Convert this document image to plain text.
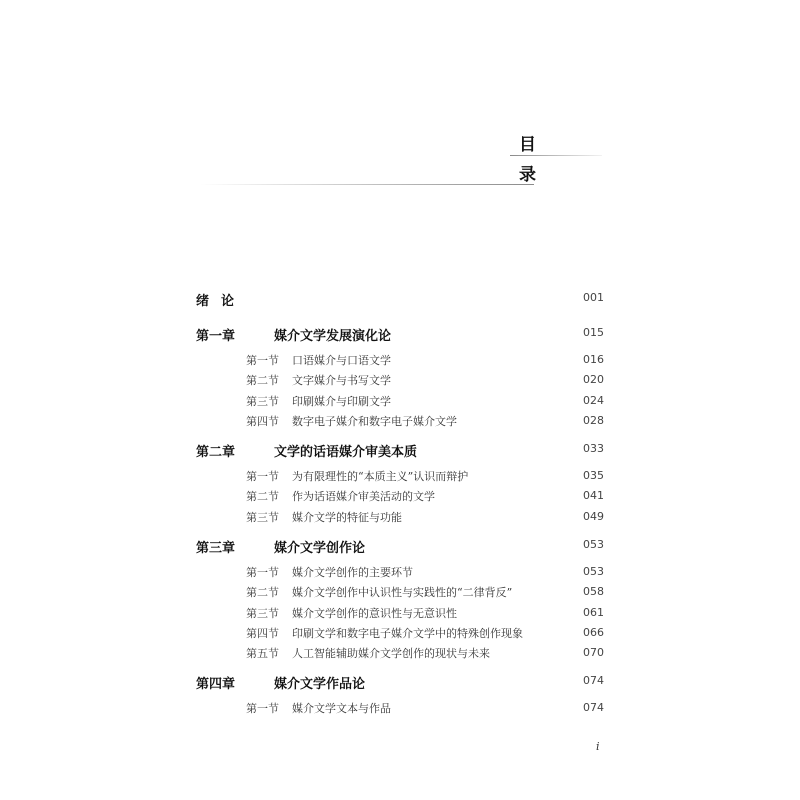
目
录
绪论	001
第一章	媒介文学发展演化论	015
第一节 口语媒介与口语文学	016
第二节 文字媒介与书写文学	020
第三节 印刷媒介与印刷文学	024
第四节 数字电子媒介和数字电子媒介文学	028
第二章	文学的话语媒介审美本质	033
第一节 为有限理性的“本质主义”认识而辩护	035
第二节 作为话语媒介审美活动的文学	041
第三节 媒介文学的特征与功能	049
第三章	媒介文学创作论	053
第一节 媒介文学创作的主要环节	053
第二节 媒介文学创作中认识性与实践性的“二律背反”	058
第三节 媒介文学创作的意识性与无意识性	061
第四节 印刷文学和数字电子媒介文学中的特殊创作现象	066
第五节 人工智能辅助媒介文学创作的现状与未来	070
第四章	媒介文学作品论	074
第一节 媒介文学文本与作品	074
i
